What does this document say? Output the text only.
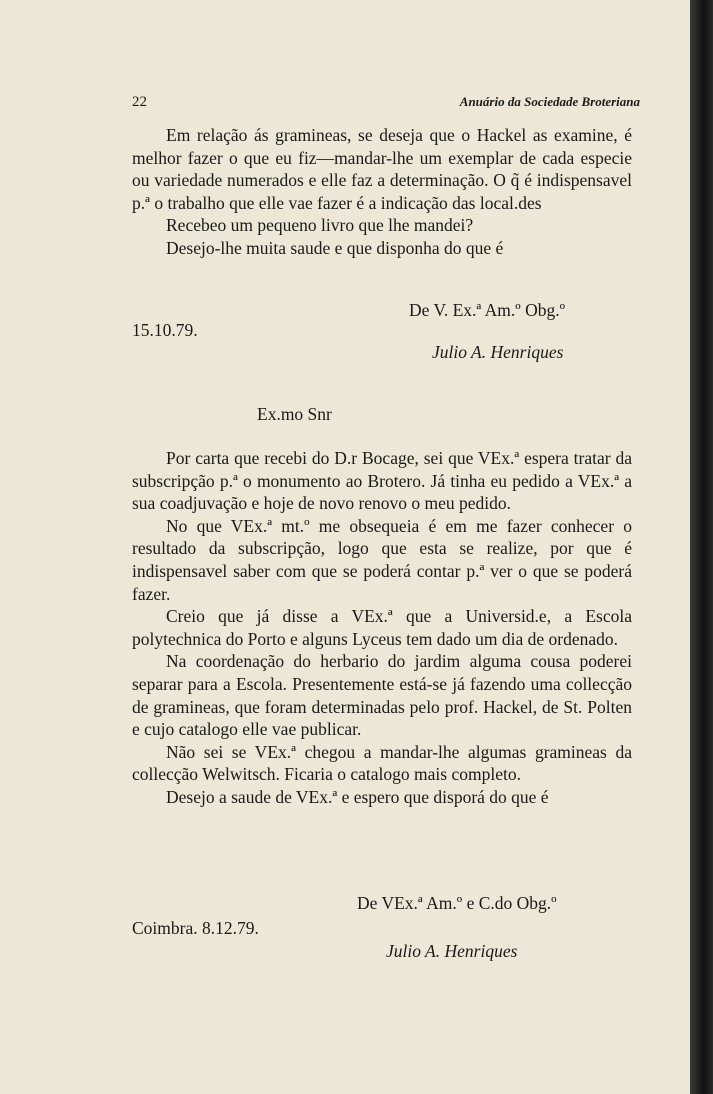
22	Anuário da Sociedade Broteriana

Em relação ás gramineas, se deseja que o Hackel as examine, é melhor fazer o que eu fiz—mandar-lhe um exemplar de cada especie ou variedade numerados e elle faz a determinação. O q̃ é indispensavel p.ª o trabalho que elle vae fazer é a indicação das local.des

Recebeo um pequeno livro que lhe mandei?

Desejo-lhe muita saude e que disponha do que é

De V. Ex.ª Am.º Obg.º
15.10.79.
Julio A. Henriques
Ex.mo Snr

Por carta que recebi do D.r Bocage, sei que VEx.ª espera tratar da subscripção p.ª o monumento ao Brotero. Já tinha eu pedido a VEx.ª a sua coadjuvação e hoje de novo renovo o meu pedido.

No que VEx.ª mt.º me obsequeia é em me fazer conhecer o resultado da subscripção, logo que esta se realize, por que é indispensavel saber com que se poderá contar p.ª ver o que se poderá fazer.

Creio que já disse a VEx.ª que a Universid.e, a Escola polytechnica do Porto e alguns Lyceus tem dado um dia de ordenado.

Na coordenação do herbario do jardim alguma cousa poderei separar para a Escola. Presentemente está-se já fazendo uma collecção de gramineas, que foram determinadas pelo prof. Hackel, de St. Polten e cujo catalogo elle vae publicar.

Não sei se VEx.ª chegou a mandar-lhe algumas gramineas da collecção Welwitsch. Ficaria o catalogo mais completo.

Desejo a saude de VEx.ª e espero que disporá do que é

De VEx.ª Am.º e C.do Obg.º
Coimbra. 8.12.79.
Julio A. Henriques
